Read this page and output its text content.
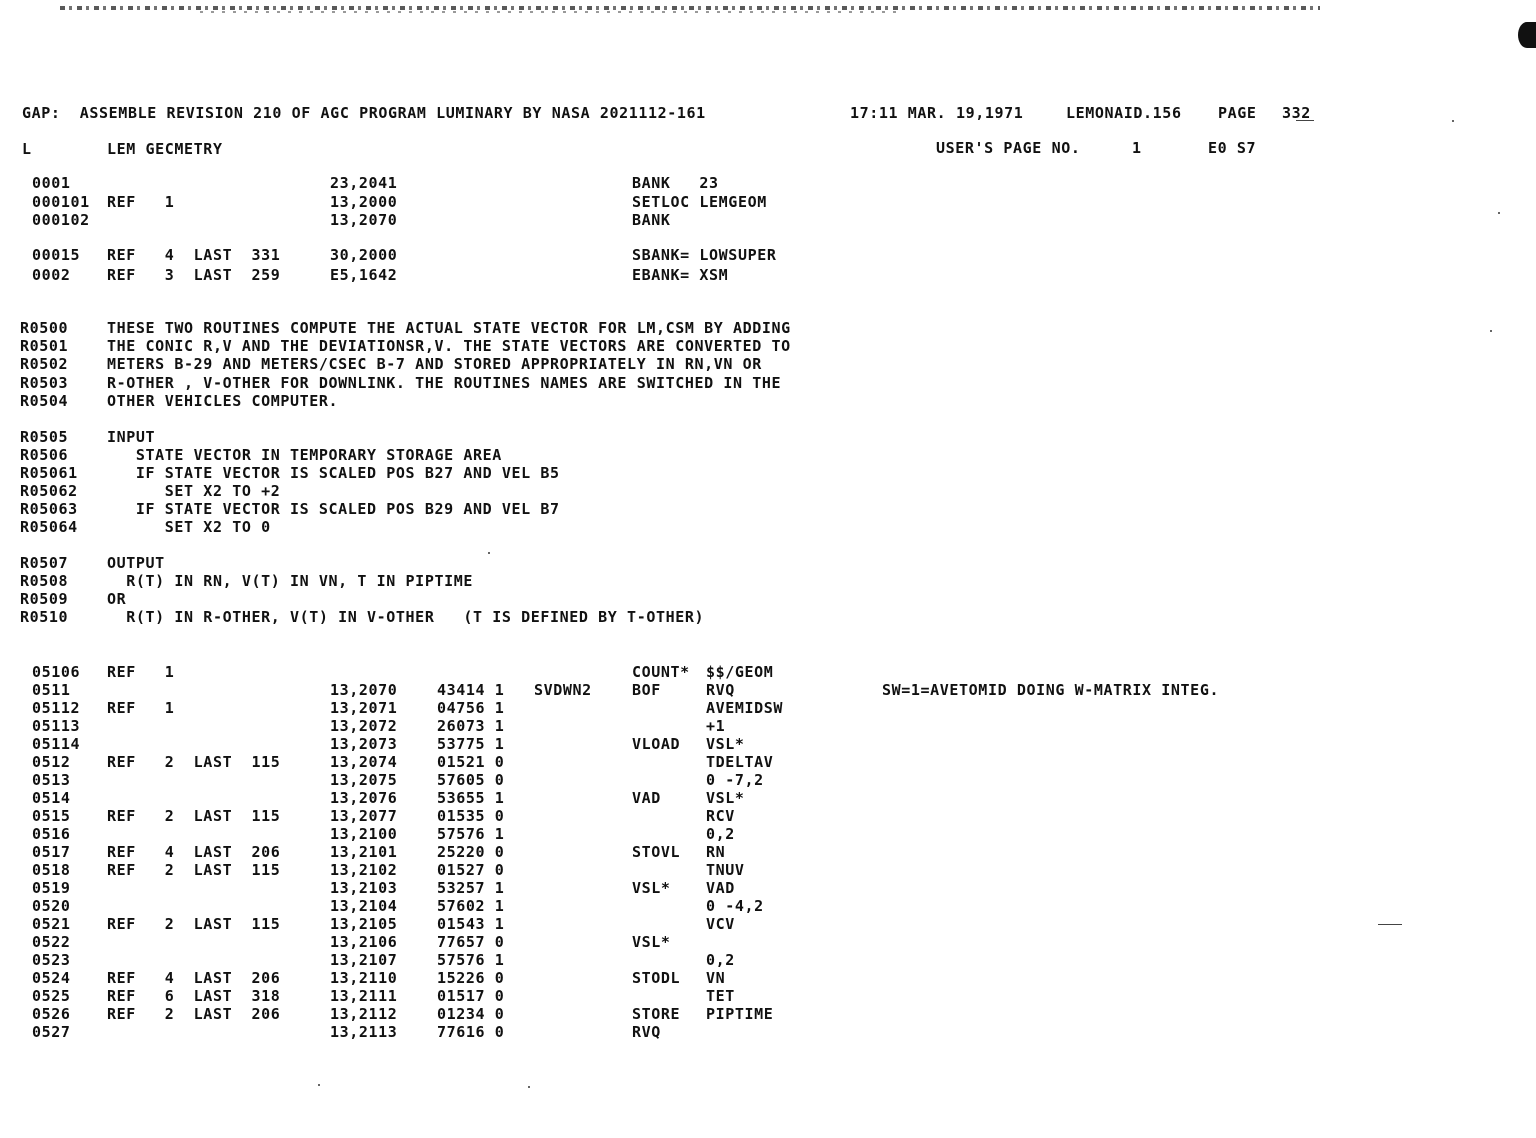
GAP:  ASSEMBLE REVISION 210 OF AGC PROGRAM LUMINARY BY NASA 2021112-161	17:11 MAR. 19,1971	LEMONAID.156 PAGE 332
L	LEM GECMETRY	USER'S PAGE NO.	1	E0 S7
0001	23,2041	BANK   23
000101 REF   1	13,2000	SETLOC LEMGEOM
000102	13,2070	BANK
00015 REF   4  LAST  331	30,2000	SBANK= LOWSUPER
0002 REF   3  LAST  259	E5,1642	EBANK= XSM
R0500	THESE TWO ROUTINES COMPUTE THE ACTUAL STATE VECTOR FOR LM,CSM BY ADDING
R0501	THE CONIC R,V AND THE DEVIATIONSR,V. THE STATE VECTORS ARE CONVERTED TO
R0502	METERS B-29 AND METERS/CSEC B-7 AND STORED APPROPRIATELY IN RN,VN OR
R0503	R-OTHER , V-OTHER FOR DOWNLINK. THE ROUTINES NAMES ARE SWITCHED IN THE
R0504	OTHER VEHICLES COMPUTER.
R0505	INPUT
R0506	STATE VECTOR IN TEMPORARY STORAGE AREA
R05061 IF STATE VECTOR IS SCALED POS B27 AND VEL B5
R05062 SET X2 TO +2
R05063 IF STATE VECTOR IS SCALED POS B29 AND VEL B7
R05064 SET X2 TO 0
R0507	OUTPUT
R0508	R(T) IN RN, V(T) IN VN, T IN PIPTIME
R0509	OR
R0510	R(T) IN R-OTHER, V(T) IN V-OTHER   (T IS DEFINED BY T-OTHER)
05106 REF   1	COUNT* $$/GEOM
0511	13,2070	43414 1 SVDWN2	BOF	RVQ	SW=1=AVETOMID DOING W-MATRIX INTEG.
05112 REF   1	13,2071	04756 1	AVEMIDSW
05113	13,2072	26073 1	+1
05114	13,2073	53775 1	VLOAD VSL*
0512 REF   2  LAST  115	13,2074	01521 0	TDELTAV
0513	13,2075	57605 0	0 -7,2
0514	13,2076	53655 1	VAD	VSL*
0515 REF   2  LAST  115	13,2077	01535 0	RCV
0516	13,2100	57576 1	0,2
0517 REF   4  LAST  206	13,2101	25220 0	STOVL RN
0518 REF   2  LAST  115	13,2102	01527 0	TNUV
0519	13,2103	53257 1	VSL* VAD
0520	13,2104	57602 1	0 -4,2
0521 REF   2  LAST  115	13,2105	01543 1	VCV
0522	13,2106	77657 0	VSL*
0523	13,2107	57576 1	0,2
0524 REF   4  LAST  206	13,2110	15226 0	STODL VN
0525 REF   6  LAST  318	13,2111	01517 0	TET
0526 REF   2  LAST  206	13,2112	01234 0	STORE PIPTIME
0527	13,2113	77616 0	RVQ
